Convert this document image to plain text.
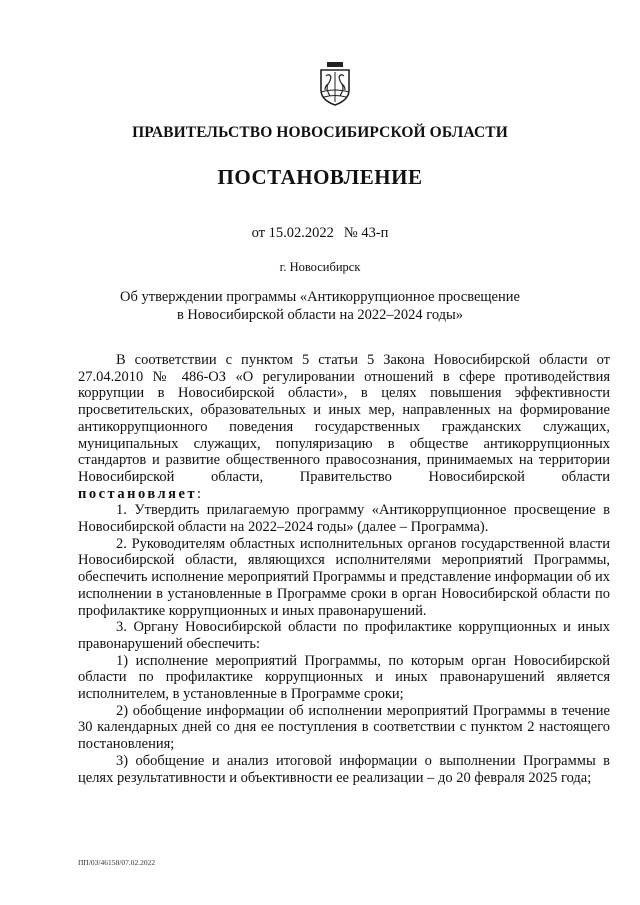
ПРАВИТЕЛЬСТВО НОВОСИБИРСКОЙ ОБЛАСТИ
ПОСТАНОВЛЕНИЕ
от 15.02.2022 № 43-п
г. Новосибирск
Об утверждении программы «Антикоррупционное просвещение
в Новосибирской области на 2022–2024 годы»

В соответствии с пунктом 5 статьи 5 Закона Новосибирской области от 27.04.2010 № 486-ОЗ «О регулировании отношений в сфере противодействия коррупции в Новосибирской области», в целях повышения эффективности просветительских, образовательных и иных мер, направленных на формирование антикоррупционного поведения государственных гражданских служащих, муниципальных служащих, популяризацию в обществе антикоррупционных стандартов и развитие общественного правосознания, принимаемых на территории Новосибирской области, Правительство Новосибирской области

постановляет:

1. Утвердить прилагаемую программу «Антикоррупционное просвещение в Новосибирской области на 2022–2024 годы» (далее – Программа).

2. Руководителям областных исполнительных органов государственной власти Новосибирской области, являющихся исполнителями мероприятий Программы, обеспечить исполнение мероприятий Программы и представление информации об их исполнении в установленные в Программе сроки в орган Новосибирской области по профилактике коррупционных и иных правонарушений.

3. Органу Новосибирской области по профилактике коррупционных и иных правонарушений обеспечить:

1) исполнение мероприятий Программы, по которым орган Новосибирской области по профилактике коррупционных и иных правонарушений является исполнителем, в установленные в Программе сроки;

2) обобщение информации об исполнении мероприятий Программы в течение 30 календарных дней со дня ее поступления в соответствии с пунктом 2 настоящего постановления;

3) обобщение и анализ итоговой информации о выполнении Программы в целях результативности и объективности ее реализации – до 20 февраля 2025 года;

ПП/03/46158/07.02.2022
